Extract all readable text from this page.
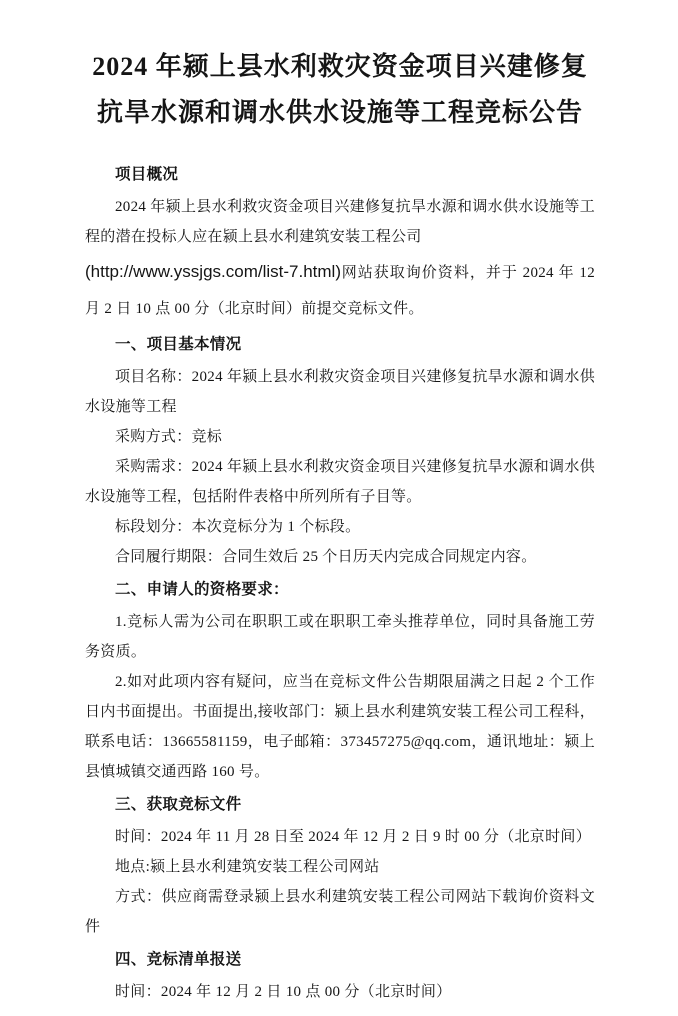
2024 年颍上县水利救灾资金项目兴建修复
抗旱水源和调水供水设施等工程竞标公告

项目概况

2024 年颍上县水利救灾资金项目兴建修复抗旱水源和调水供水设施等工程的潜在投标人应在颍上县水利建筑安装工程公司

(http://www.yssjgs.com/list-7.html)网站获取询价资料，并于 2024 年 12 月 2 日 10 点 00 分（北京时间）前提交竞标文件。

一、项目基本情况

项目名称：2024 年颍上县水利救灾资金项目兴建修复抗旱水源和调水供水设施等工程

采购方式：竞标

采购需求：2024 年颍上县水利救灾资金项目兴建修复抗旱水源和调水供水设施等工程，包括附件表格中所列所有子目等。

标段划分：本次竞标分为 1 个标段。

合同履行期限：合同生效后 25 个日历天内完成合同规定内容。

二、申请人的资格要求：

1.竞标人需为公司在职职工或在职职工牵头推荐单位，同时具备施工劳务资质。

2.如对此项内容有疑问，应当在竞标文件公告期限届满之日起 2 个工作日内书面提出。书面提出,接收部门：颍上县水利建筑安装工程公司工程科，联系电话：13665581159，电子邮箱：373457275@qq.com，通讯地址：颍上县慎城镇交通西路 160 号。

三、获取竞标文件

时间：2024 年 11 月 28 日至 2024 年 12 月 2 日 9 时 00 分（北京时间）

地点:颍上县水利建筑安装工程公司网站

方式：供应商需登录颍上县水利建筑安装工程公司网站下载询价资料文件

四、竞标清单报送

时间：2024 年 12 月 2 日 10 点 00 分（北京时间）
